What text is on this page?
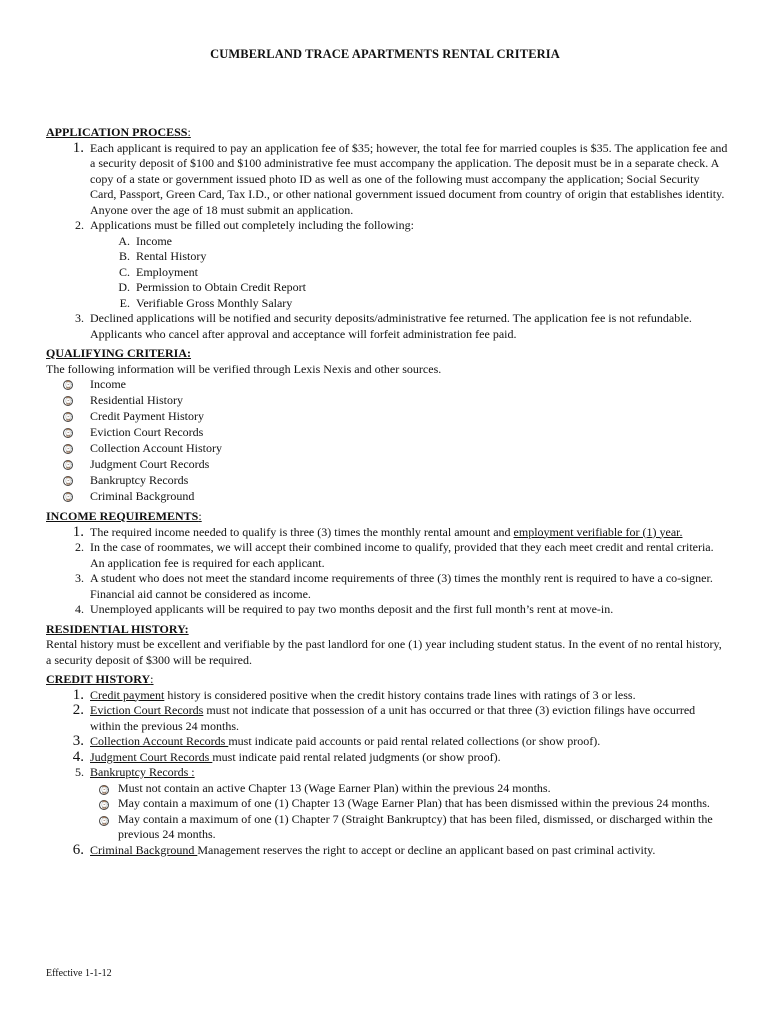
CUMBERLAND TRACE APARTMENTS RENTAL CRITERIA
APPLICATION PROCESS:
1. Each applicant is required to pay an application fee of $35; however, the total fee for married couples is $35. The application fee and a security deposit of $100 and $100 administrative fee must accompany the application. The deposit must be in a separate check. A copy of a state or government issued photo ID as well as one of the following must accompany the application; Social Security Card, Passport, Green Card, Tax I.D., or other national government issued document from country of origin that establishes identity. Anyone over the age of 18 must submit an application.
2. Applications must be filled out completely including the following:
A. Income
B. Rental History
C. Employment
D. Permission to Obtain Credit Report
E. Verifiable Gross Monthly Salary
3. Declined applications will be notified and security deposits/administrative fee returned. The application fee is not refundable. Applicants who cancel after approval and acceptance will forfeit administration fee paid.
QUALIFYING CRITERIA:
The following information will be verified through Lexis Nexis and other sources.
⌚	Income
⌚	Residential History
⌚	Credit Payment History
⌚	Eviction Court Records
⌚	Collection Account History
⌚	Judgment Court Records
⌚	Bankruptcy Records
⌚	Criminal Background
INCOME REQUIREMENTS:
1. The required income needed to qualify is three (3) times the monthly rental amount and employment verifiable for (1) year.
2. In the case of roommates, we will accept their combined income to qualify, provided that they each meet credit and rental criteria. An application fee is required for each applicant.
3. A student who does not meet the standard income requirements of three (3) times the monthly rent is required to have a co-signer. Financial aid cannot be considered as income.
4. Unemployed applicants will be required to pay two months deposit and the first full month’s rent at move-in.
RESIDENTIAL HISTORY:
Rental history must be excellent and verifiable by the past landlord for one (1) year including student status. In the event of no rental history, a security deposit of $300 will be required.
CREDIT HISTORY:
1. Credit payment history is considered positive when the credit history contains trade lines with ratings of 3 or less.
2. Eviction Court Records must not indicate that possession of a unit has occurred or that three (3) eviction filings have occurred within the previous 24 months.
3. Collection Account Records must indicate paid accounts or paid rental related collections (or show proof).
4. Judgment Court Records must indicate paid rental related judgments (or show proof).
5. Bankruptcy Records :
⌚ Must not contain an active Chapter 13 (Wage Earner Plan) within the previous 24 months.
⌚ May contain a maximum of one (1) Chapter 13 (Wage Earner Plan) that has been dismissed within the previous 24 months.
⌚ May contain a maximum of one (1) Chapter 7 (Straight Bankruptcy) that has been filed, dismissed, or discharged within the previous 24 months.
6. Criminal Background Management reserves the right to accept or decline an applicant based on past criminal activity.
Effective 1-1-12
